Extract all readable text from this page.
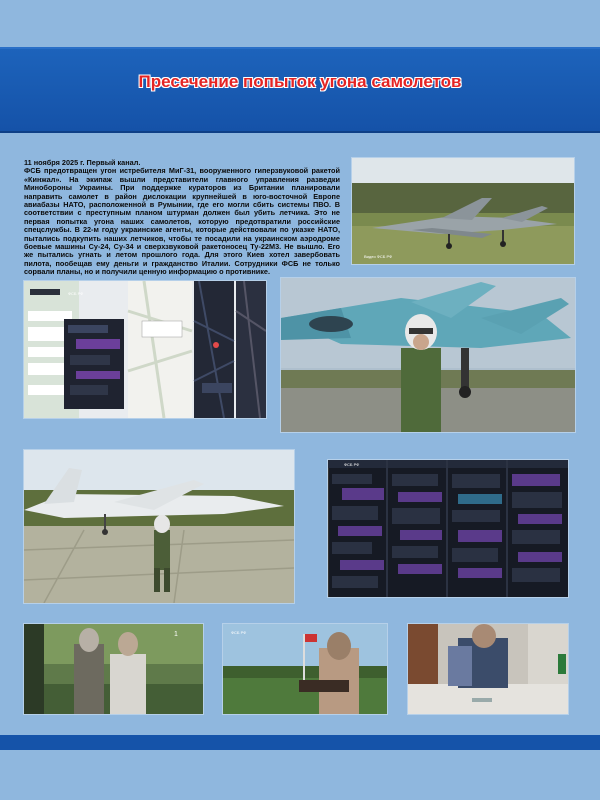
Пресечение попыток угона самолетов
11 ноября 2025 г. Первый канал.
ФСБ предотвращен угон истребителя МиГ-31, вооруженного гиперзвуковой ракетой «Кинжал». На экипаж вышли представители главного управления разведки Минобороны Украины. При поддержке кураторов из Британии планировали направить самолет в район дислокации крупнейшей в юго-восточной Европе авиабазы НАТО, расположенной в Румынии, где его могли сбить системы ПВО. В соответствии с преступным планом штурман должен был убить летчика. Это не первая попытка угона наших самолетов, которую предотвратили российские спецслужбы. В 22-м году украинские агенты, которые действовали по указке НАТО, пытались подкупить наших летчиков, чтобы те посадили на украинском аэродроме боевые машины Су-24, Су-34 и сверхзвуковой ракетоносец Ту-22М3. Не вышло. Его же пытались угнать и летом прошлого года. Для этого Киев хотел завербовать пилота, пообещав ему деньги и гражданство Италии. Сотрудники ФСБ не только сорвали планы, но и получили ценную информацию о противнике.
Видео ФСБ РФ
ФСБ РФ
ФСБ РФ
1	ФСБ РФ
